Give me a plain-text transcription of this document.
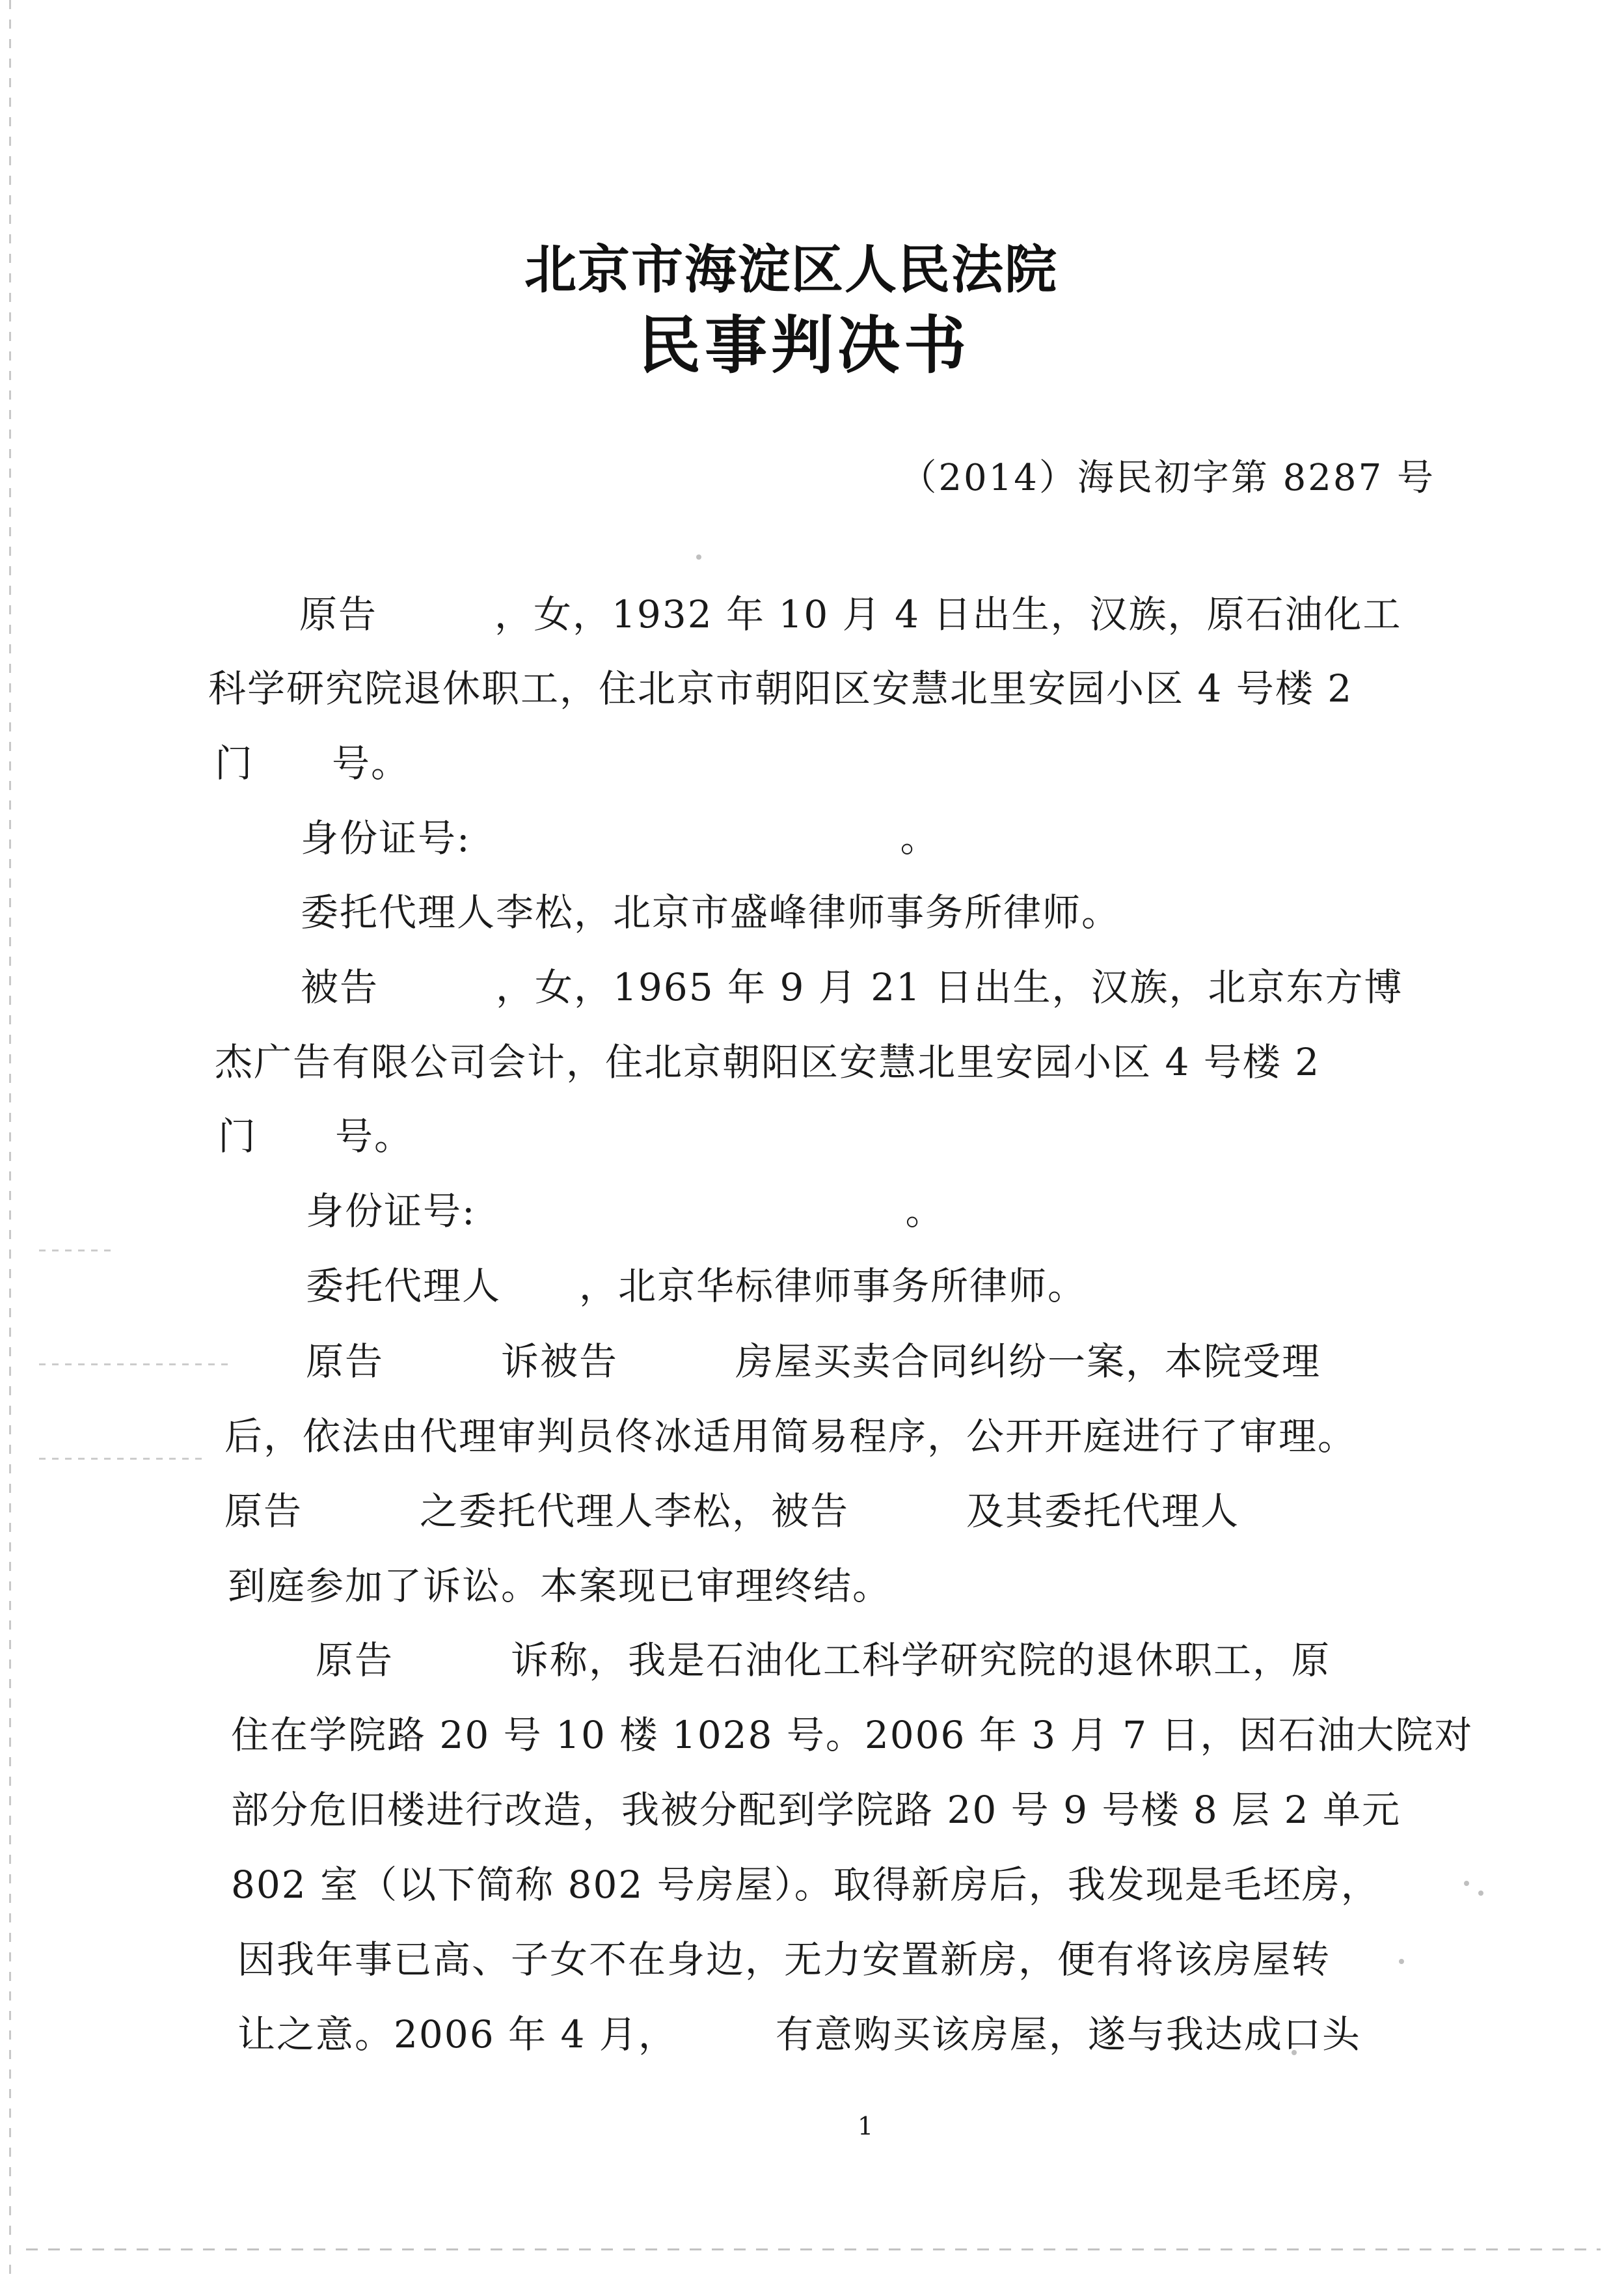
北京市海淀区人民法院
民事判决书
（2014）海民初字第 8287 号
原告　　　，女，1932 年 10 月 4 日出生，汉族，原石油化工
科学研究院退休职工，住北京市朝阳区安慧北里安园小区 4 号楼 2
门　　号。
身份证号:　　　　　　　　　　　。
委托代理人李松，北京市盛峰律师事务所律师。
被告　　　，女，1965 年 9 月 21 日出生，汉族，北京东方博
杰广告有限公司会计，住北京朝阳区安慧北里安园小区 4 号楼 2
门　　号。
身份证号:　　　　　　　　　　　。
委托代理人　　，北京华标律师事务所律师。
原告　　　诉被告　　　房屋买卖合同纠纷一案，本院受理
后，依法由代理审判员佟冰适用简易程序，公开开庭进行了审理。
原告　　　之委托代理人李松，被告　　　及其委托代理人
到庭参加了诉讼。本案现已审理终结。
原告　　　诉称，我是石油化工科学研究院的退休职工，原
住在学院路 20 号 10 楼 1028 号。2006 年 3 月 7 日，因石油大院对
部分危旧楼进行改造，我被分配到学院路 20 号 9 号楼 8 层 2 单元
802 室（以下简称 802 号房屋）。取得新房后，我发现是毛坯房，
因我年事已高、子女不在身边，无力安置新房，便有将该房屋转
让之意。2006 年 4 月，　　　有意购买该房屋，遂与我达成口头
1
